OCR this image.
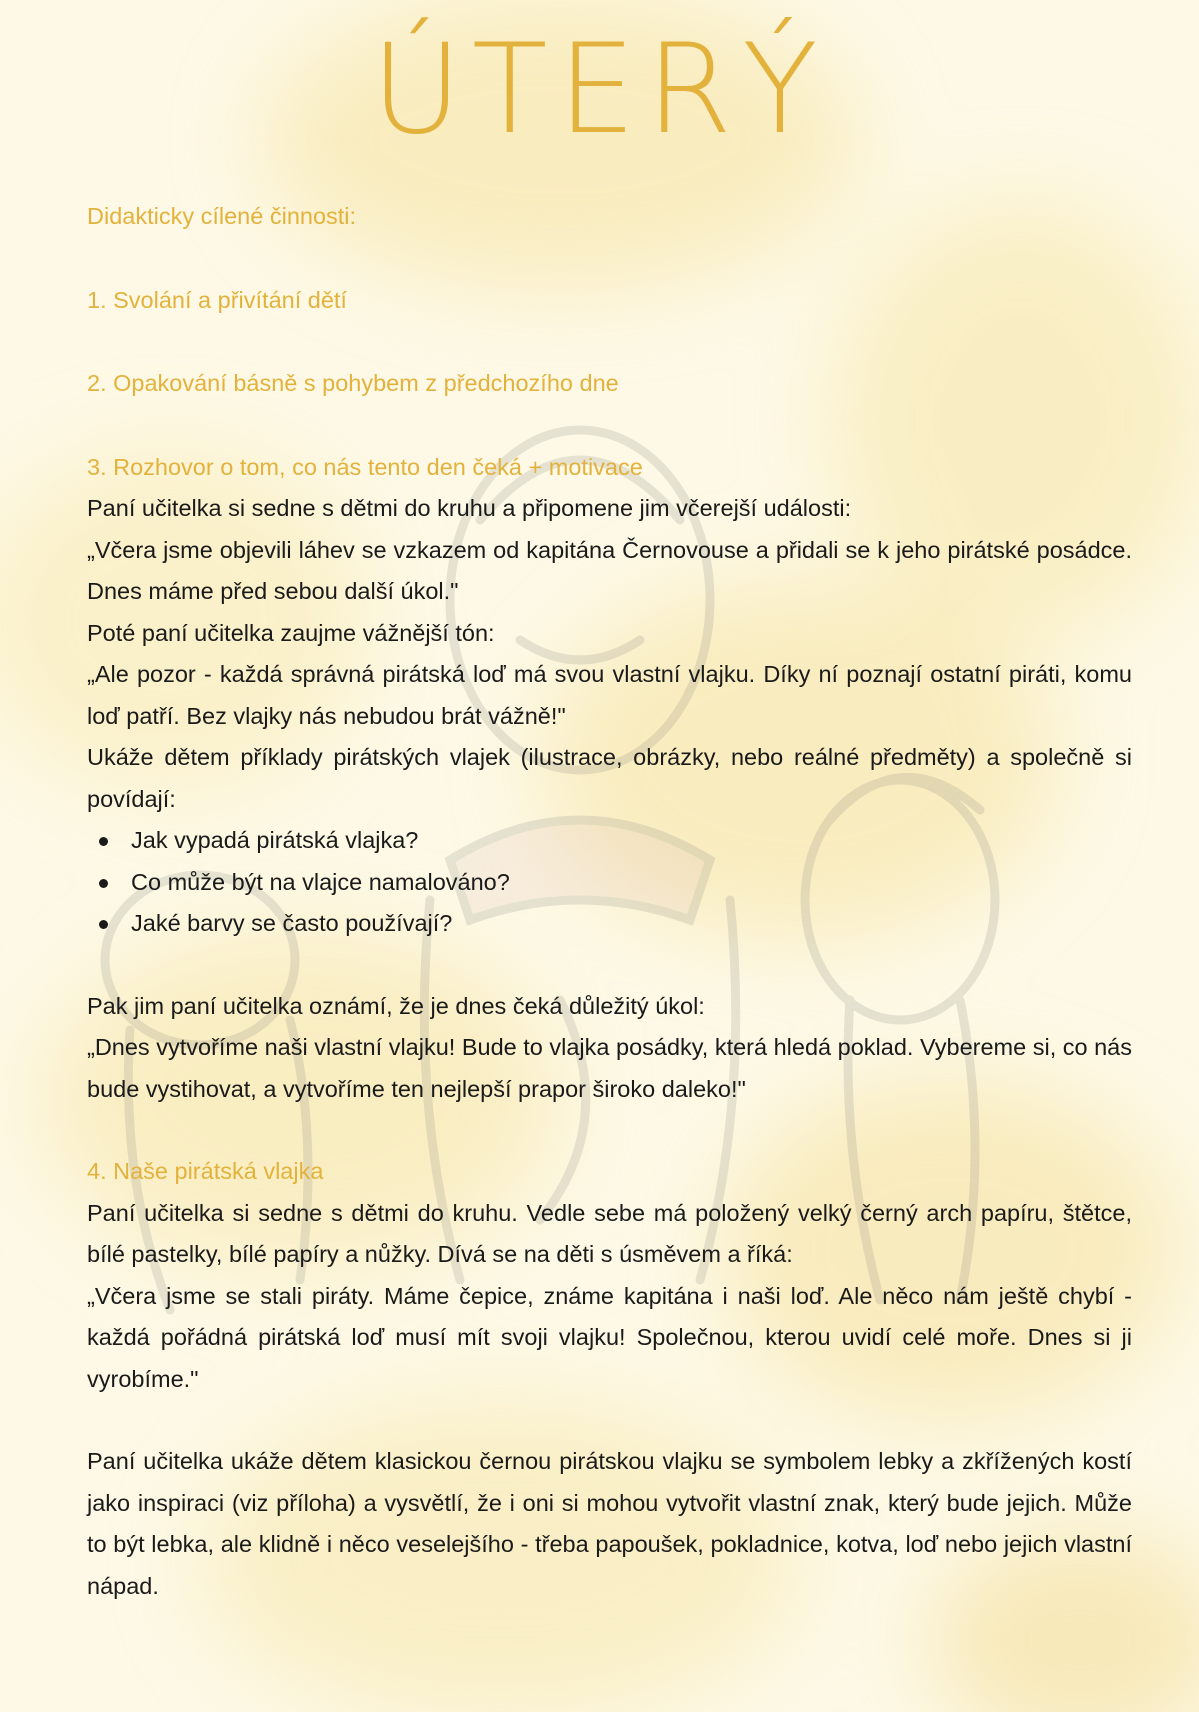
ÚTERÝ

Didakticky cílené činnosti:

1. Svolání a přivítání dětí

2. Opakování básně s pohybem z předchozího dne

3. Rozhovor o tom, co nás tento den čeká + motivace

Paní učitelka si sedne s dětmi do kruhu a připomene jim včerejší události:

„Včera jsme objevili láhev se vzkazem od kapitána Černovouse a přidali se k jeho pirátské posádce. Dnes máme před sebou další úkol."

Poté paní učitelka zaujme vážnější tón:

„Ale pozor - každá správná pirátská loď má svou vlastní vlajku. Díky ní poznají ostatní piráti, komu loď patří. Bez vlajky nás nebudou brát vážně!"

Ukáže dětem příklady pirátských vlajek (ilustrace, obrázky, nebo reálné předměty) a společně si povídají:

Jak vypadá pirátská vlajka?
Co může být na vlajce namalováno?
Jaké barvy se často používají?

Pak jim paní učitelka oznámí, že je dnes čeká důležitý úkol:

„Dnes vytvoříme naši vlastní vlajku! Bude to vlajka posádky, která hledá poklad. Vybereme si, co nás bude vystihovat, a vytvoříme ten nejlepší prapor široko daleko!"

4. Naše pirátská vlajka

Paní učitelka si sedne s dětmi do kruhu. Vedle sebe má položený velký černý arch papíru, štětce, bílé pastelky, bílé papíry a nůžky. Dívá se na děti s úsměvem a říká:

„Včera jsme se stali piráty. Máme čepice, známe kapitána i naši loď. Ale něco nám ještě chybí - každá pořádná pirátská loď musí mít svoji vlajku! Společnou, kterou uvidí celé moře. Dnes si ji vyrobíme."

Paní učitelka ukáže dětem klasickou černou pirátskou vlajku se symbolem lebky a zkřížených kostí jako inspiraci (viz příloha) a vysvětlí, že i oni si mohou vytvořit vlastní znak, který bude jejich. Může to být lebka, ale klidně i něco veselejšího - třeba papoušek, pokladnice, kotva, loď nebo jejich vlastní nápad.
